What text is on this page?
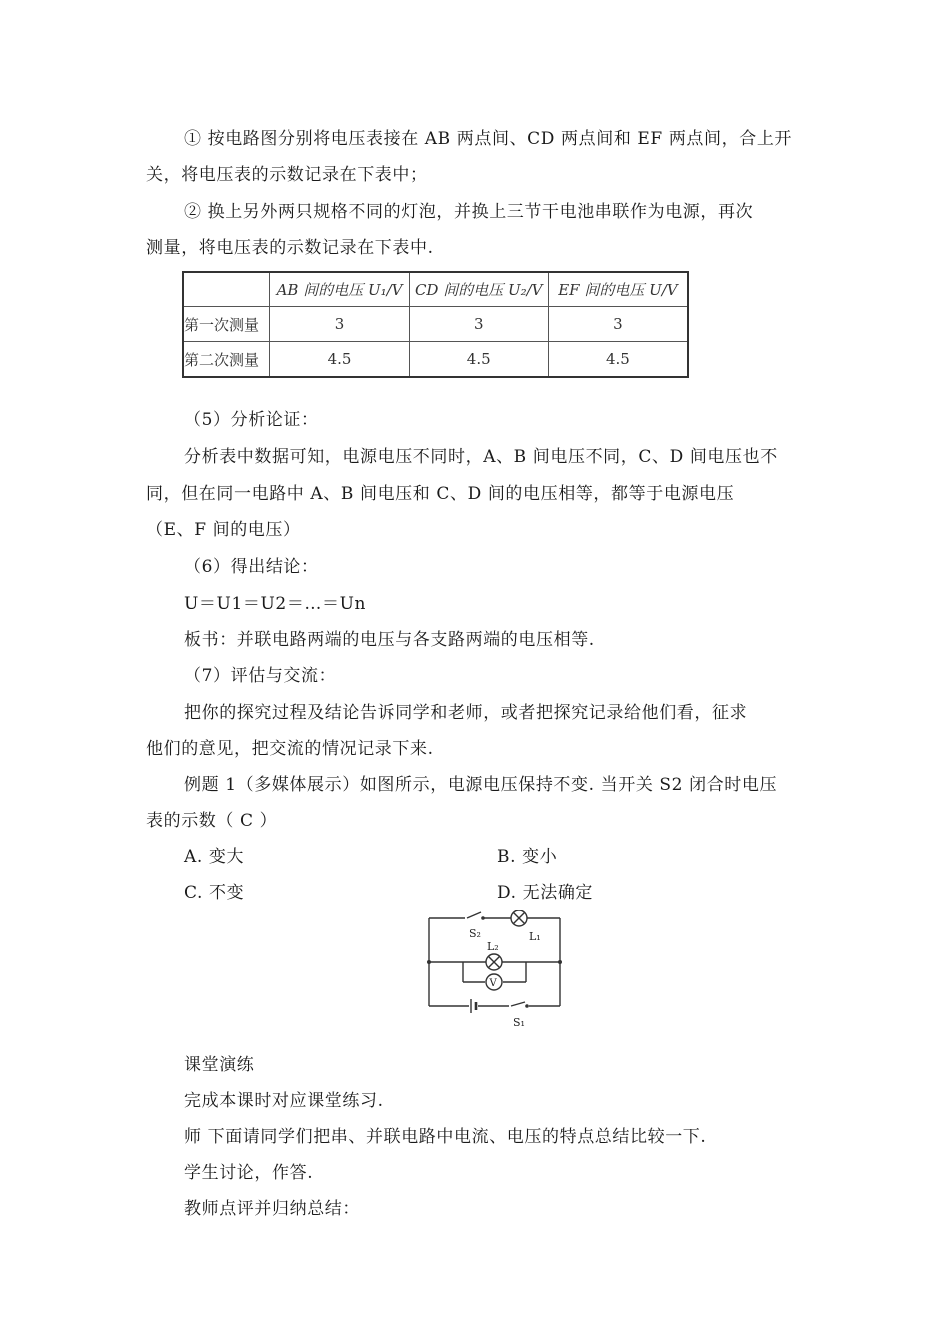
① 按电路图分别将电压表接在 AB 两点间、CD 两点间和 EF 两点间，合上开
关，将电压表的示数记录在下表中；
② 换上另外两只规格不同的灯泡，并换上三节干电池串联作为电源，再次
测量，将电压表的示数记录在下表中.
	AB 间的电压 U₁/V	CD 间的电压 U₂/V	EF 间的电压 U/V
第一次测量	3	3	3
第二次测量	4.5	4.5	4.5
（5）分析论证：
分析表中数据可知，电源电压不同时，A、B 间电压不同，C、D 间电压也不
同，但在同一电路中 A、B 间电压和 C、D 间的电压相等，都等于电源电压
（E、F 间的电压）
（6）得出结论：
U＝U1＝U2＝…＝Un
板书：并联电路两端的电压与各支路两端的电压相等.
（7）评估与交流：
把你的探究过程及结论告诉同学和老师，或者把探究记录给他们看，征求
他们的意见，把交流的情况记录下来.
例题 1（多媒体展示）如图所示，电源电压保持不变. 当开关 S2 闭合时电压
表的示数（ C ）
A. 变大	B. 变小
C. 不变	D. 无法确定
S₂	L₁
L₂
V
S₁
课堂演练
完成本课时对应课堂练习.
师 下面请同学们把串、并联电路中电流、电压的特点总结比较一下.
学生讨论，作答.
教师点评并归纳总结：
